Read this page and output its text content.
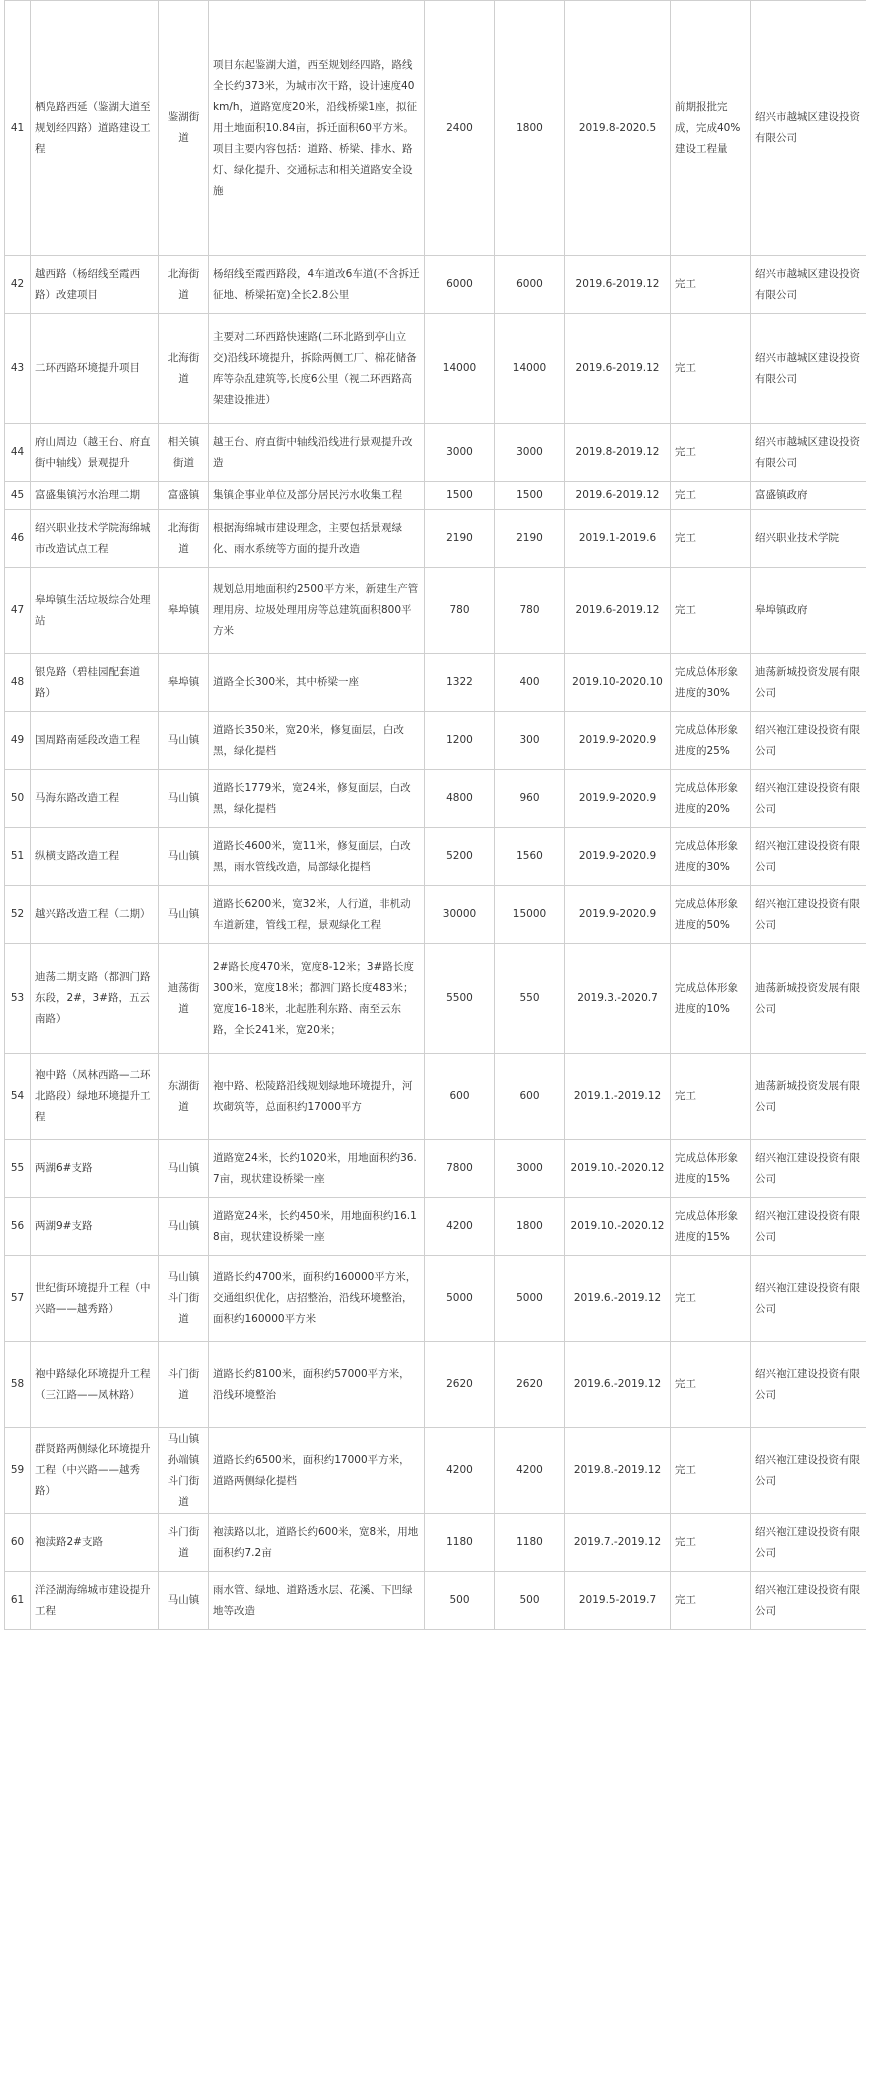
41	栖凫路西延（鉴湖大道至规划经四路）道路建设工程	鉴湖街道	项目东起鉴湖大道，西至规划经四路，路线全长约373米，为城市次干路，设计速度40km/h，道路宽度20米，沿线桥梁1座，拟征用土地面积10.84亩，拆迁面积60平方米。项目主要内容包括：道路、桥梁、排水、路灯、绿化提升、交通标志和相关道路安全设施	2400	1800	2019.8-2020.5	前期报批完成，完成40%建设工程量	绍兴市越城区建设投资有限公司
42	越西路（杨绍线至霞西路）改建项目	北海街道	杨绍线至霞西路段，4车道改6车道(不含拆迁征地、桥梁拓宽)全长2.8公里	6000	6000	2019.6-2019.12	完工	绍兴市越城区建设投资有限公司
43	二环西路环境提升项目	北海街道	主要对二环西路快速路(二环北路到亭山立交)沿线环境提升，拆除两侧工厂、棉花储备库等杂乱建筑等,长度6公里（视二环西路高架建设推进）	14000	14000	2019.6-2019.12	完工	绍兴市越城区建设投资有限公司
44	府山周边（越王台、府直街中轴线）景观提升	相关镇街道	越王台、府直街中轴线沿线进行景观提升改造	3000	3000	2019.8-2019.12	完工	绍兴市越城区建设投资有限公司
45	富盛集镇污水治理二期	富盛镇	集镇企事业单位及部分居民污水收集工程	1500	1500	2019.6-2019.12	完工	富盛镇政府
46	绍兴职业技术学院海绵城市改造试点工程	北海街道	根据海绵城市建设理念，主要包括景观绿化、雨水系统等方面的提升改造	2190	2190	2019.1-2019.6	完工	绍兴职业技术学院
47	皋埠镇生活垃圾综合处理站	皋埠镇	规划总用地面积约2500平方米，新建生产管理用房、垃圾处理用房等总建筑面积800平方米	780	780	2019.6-2019.12	完工	皋埠镇政府
48	银凫路（碧桂园配套道路）	皋埠镇	道路全长300米，其中桥梁一座	1322	400	2019.10-2020.10	完成总体形象进度的30%	迪荡新城投资发展有限公司
49	国周路南延段改造工程	马山镇	道路长350米，宽20米，修复面层，白改黑，绿化提档	1200	300	2019.9-2020.9	完成总体形象进度的25%	绍兴袍江建设投资有限公司
50	马海东路改造工程	马山镇	道路长1779米，宽24米，修复面层，白改黑，绿化提档	4800	960	2019.9-2020.9	完成总体形象进度的20%	绍兴袍江建设投资有限公司
51	纵横支路改造工程	马山镇	道路长4600米，宽11米，修复面层，白改黑，雨水管线改造，局部绿化提档	5200	1560	2019.9-2020.9	完成总体形象进度的30%	绍兴袍江建设投资有限公司
52	越兴路改造工程（二期）	马山镇	道路长6200米，宽32米，人行道，非机动车道新建，管线工程，景观绿化工程	30000	15000	2019.9-2020.9	完成总体形象进度的50%	绍兴袍江建设投资有限公司
53	迪荡二期支路（都泗门路东段，2#，3#路，五云南路）	迪荡街道	2#路长度470米，宽度8-12米；3#路长度300米，宽度18米；都泗门路长度483米；宽度16-18米，北起胜利东路、南至云东路，全长241米，宽20米；	5500	550	2019.3.-2020.7	完成总体形象进度的10%	迪荡新城投资发展有限公司
54	袍中路（凤林西路—二环北路段）绿地环境提升工程	东湖街道	袍中路、松陵路沿线规划绿地环境提升，河坎砌筑等，总面积约17000平方	600	600	2019.1.-2019.12	完工	迪荡新城投资发展有限公司
55	两湖6#支路	马山镇	道路宽24米，长约1020米，用地面积约36.7亩，现状建设桥梁一座	7800	3000	2019.10.-2020.12	完成总体形象进度的15%	绍兴袍江建设投资有限公司
56	两湖9#支路	马山镇	道路宽24米，长约450米，用地面积约16.18亩，现状建设桥梁一座	4200	1800	2019.10.-2020.12	完成总体形象进度的15%	绍兴袍江建设投资有限公司
57	世纪街环境提升工程（中兴路——越秀路）	马山镇 斗门街道	道路长约4700米，面积约160000平方米，交通组织优化，店招整治，沿线环境整治，面积约160000平方米	5000	5000	2019.6.-2019.12	完工	绍兴袍江建设投资有限公司
58	袍中路绿化环境提升工程（三江路——凤林路）	斗门街道	道路长约8100米，面积约57000平方米，沿线环境整治	2620	2620	2019.6.-2019.12	完工	绍兴袍江建设投资有限公司
59	群贤路两侧绿化环境提升工程（中兴路——越秀路）	马山镇 孙端镇 斗门街道	道路长约6500米，面积约17000平方米，道路两侧绿化提档	4200	4200	2019.8.-2019.12	完工	绍兴袍江建设投资有限公司
60	袍渎路2#支路	斗门街道	袍渎路以北，道路长约600米，宽8米，用地面积约7.2亩	1180	1180	2019.7.-2019.12	完工	绍兴袍江建设投资有限公司
61	洋泾湖海绵城市建设提升工程	马山镇	雨水管、绿地、道路透水层、花溪、下凹绿地等改造	500	500	2019.5-2019.7	完工	绍兴袍江建设投资有限公司
